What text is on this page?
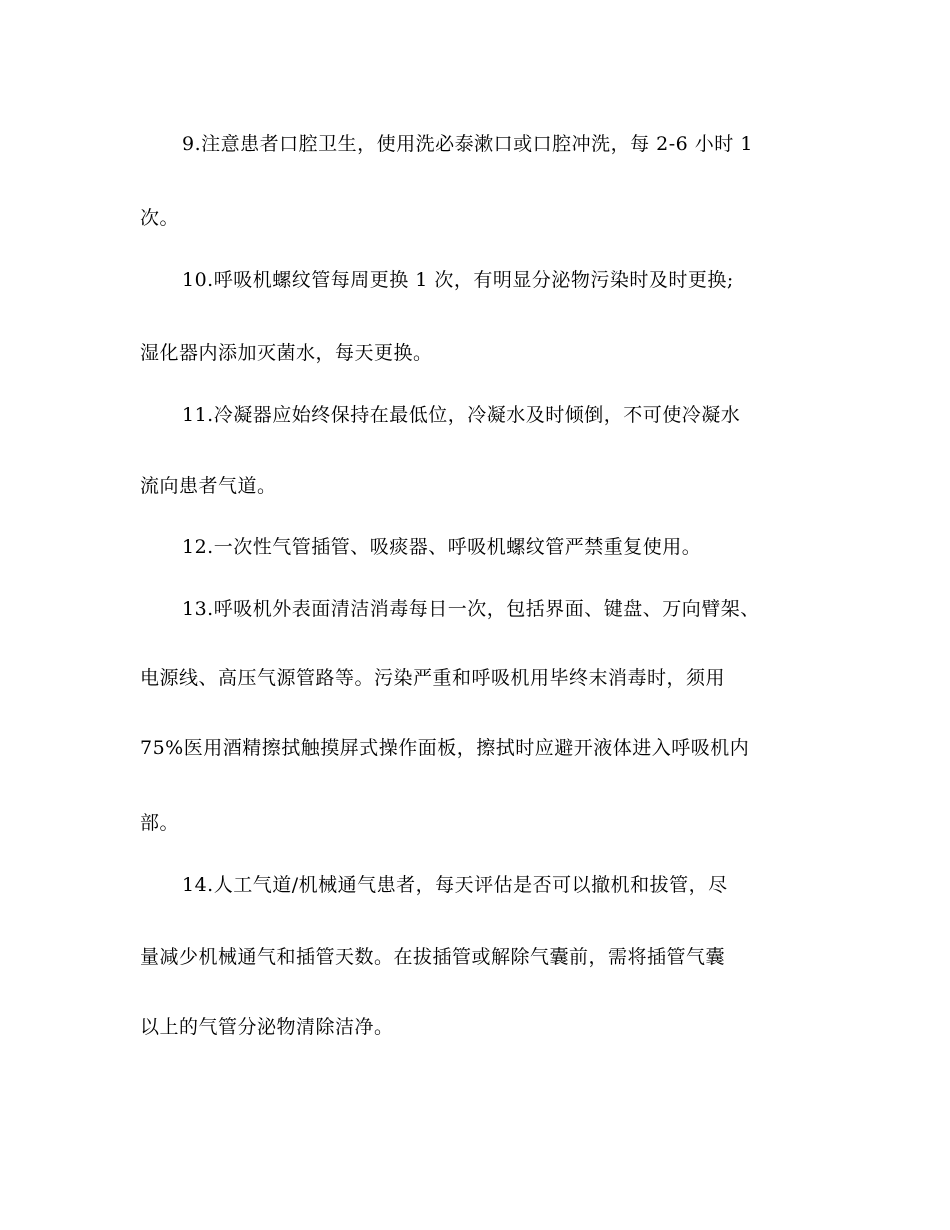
9.注意患者口腔卫生，使用洗必泰漱口或口腔冲洗，每 2-6 小时 1
次。
10.呼吸机螺纹管每周更换 1 次，有明显分泌物污染时及时更换;
湿化器内添加灭菌水，每天更换。
11.冷凝器应始终保持在最低位，冷凝水及时倾倒，不可使冷凝水
流向患者气道。
12.一次性气管插管、吸痰器、呼吸机螺纹管严禁重复使用。
13.呼吸机外表面清洁消毒每日一次，包括界面、键盘、万向臂架、
电源线、高压气源管路等。污染严重和呼吸机用毕终末消毒时，须用
75%医用酒精擦拭触摸屏式操作面板，擦拭时应避开液体进入呼吸机内
部。
14.人工气道/机械通气患者，每天评估是否可以撤机和拔管，尽
量减少机械通气和插管天数。在拔插管或解除气囊前，需将插管气囊
以上的气管分泌物清除洁净。
